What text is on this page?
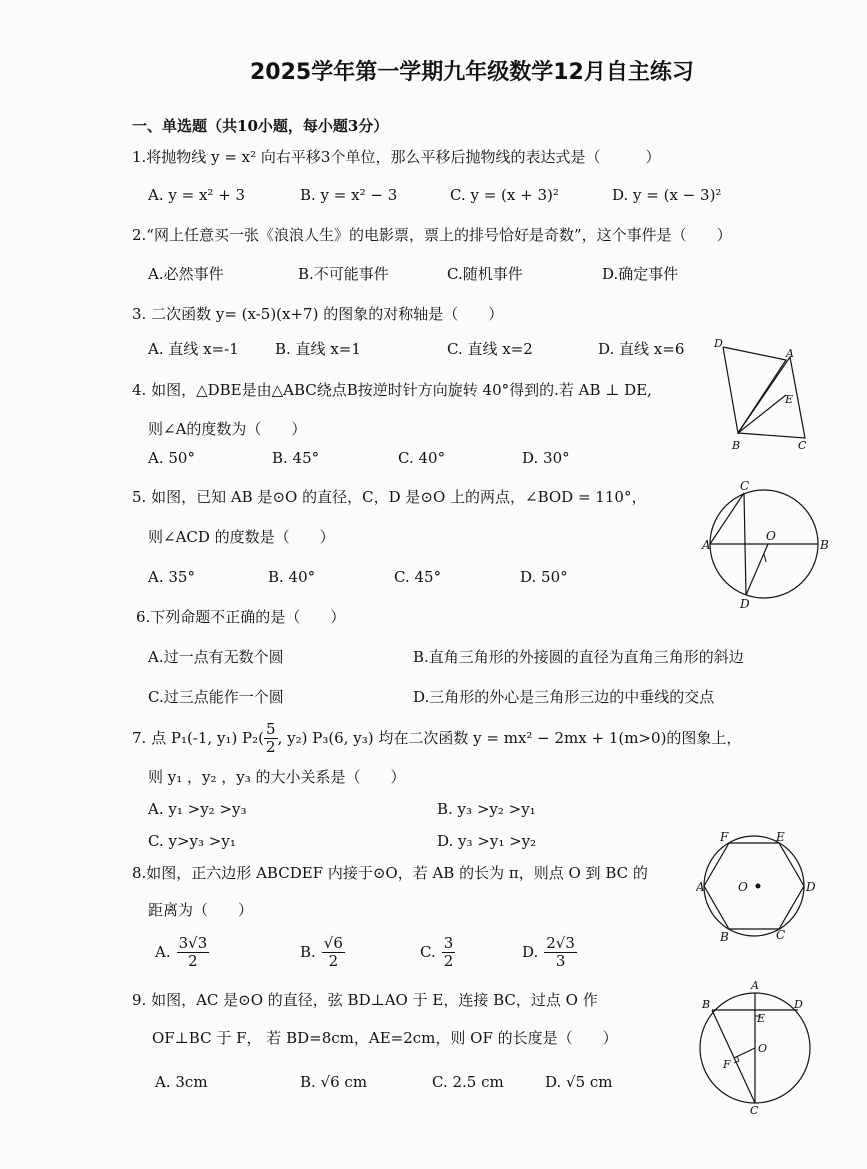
2025学年第一学期九年级数学12月自主练习
一、单选题（共10小题，每小题3分）
1.将抛物线 y = x² 向右平移3个单位，那么平移后抛物线的表达式是（　　　）
A. y = x² + 3	B. y = x² − 3	C. y = (x + 3)²	D. y = (x − 3)²
2.“网上任意买一张《浪浪人生》的电影票，票上的排号恰好是奇数”，这个事件是（　　）
A.必然事件	B.不可能事件	C.随机事件	D.确定事件
3. 二次函数 y= (x-5)(x+7) 的图象的对称轴是（　　）
A. 直线 x=-1 B. 直线 x=1	C. 直线 x=2	D. 直线 x=6
4. 如图，△DBE是由△ABC绕点B按逆时针方向旋转 40°得到的.若 AB ⊥ DE,
则∠A的度数为（　　）
A. 50°	B. 45°	C. 40°	D. 30°
D
A
E
B	C
5. 如图，已知 AB 是⊙O 的直径，C，D 是⊙O 上的两点，∠BOD = 110°，
则∠ACD 的度数是（　　）
A. 35°	B. 40°	C. 45°	D. 50°
C
A
O
B
D
6.下列命题不正确的是（　　）
A.过一点有无数个圆	B.直角三角形的外接圆的直径为直角三角形的斜边
C.过三点能作一个圆	D.三角形的外心是三角形三边的中垂线的交点
7. 点 P₁(-1, y₁) $P_2( \frac{5}{2}$ , y₂) P₃(6, y₃) 均在二次函数 y = mx² − 2mx + 1(m>0)的图象上，
则 y₁ ，y₂ ，y₃ 的大小关系是（　　）
A. y₁ >y₂ >y₃	B. y₃ >y₂ >y₁
C. y>y₃ >y₁	D. y₃ >y₁ >y₂
8.如图，正六边形 ABCDEF 内接于⊙O，若 AB 的长为 π，则点 O 到 BC 的
距离为（　　）
A. $\frac{3√3}{2}$	B. $\frac{√6}{2}$	C. $\frac{3}{2}$	D. $\frac{2√3}{3}$
F	E
A	O	D
B	C
9. 如图，AC 是⊙O 的直径，弦 BD⊥AO 于 E，连接 BC，过点 O 作
OF⊥BC 于 F， 若 BD=8cm，AE=2cm，则 OF 的长度是（　　）
A. 3cm	B. √6 cm	C. 2.5 cm	D. √5 cm
A
B	D
E
F
O
C
